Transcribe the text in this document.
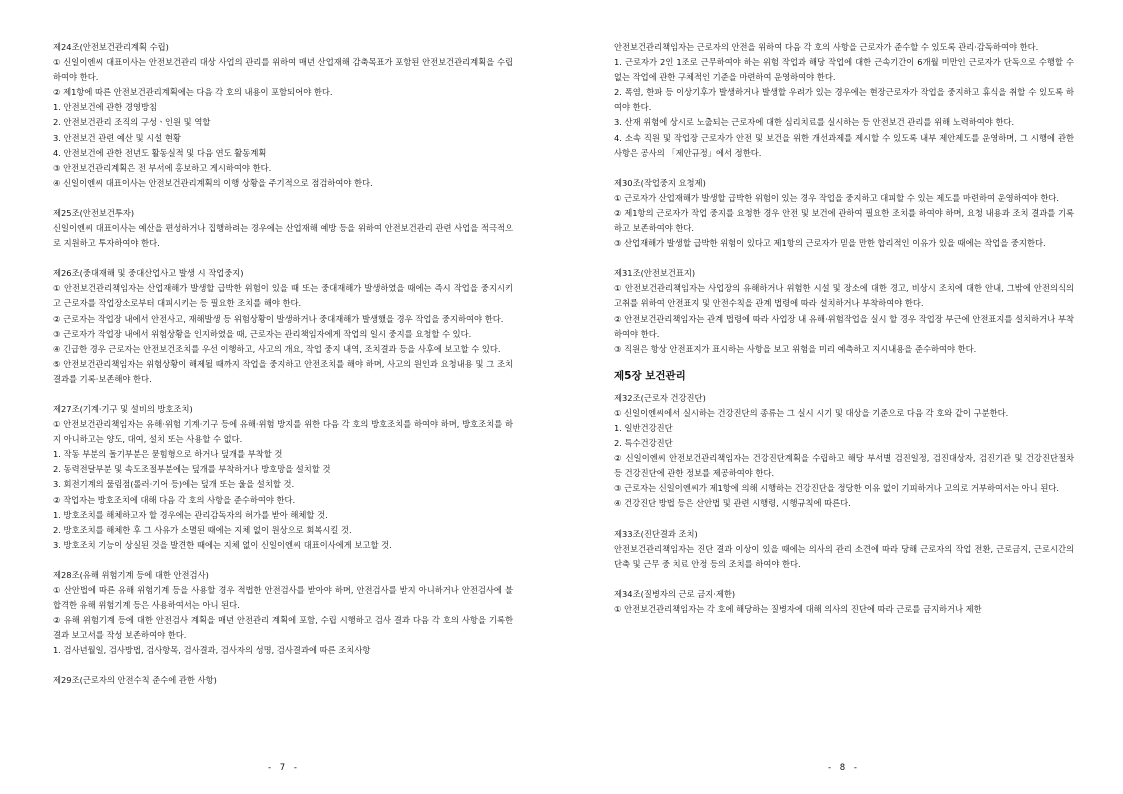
제24조(안전보건관리계획 수립)

① 신일이엔씨 대표이사는 안전보건관리 대상 사업의 관리를 위하여 매년 산업재해 감축목표가 포함된 안전보건관리계획을 수립하여야 한다.

② 제1항에 따른 안전보건관리계획에는 다음 각 호의 내용이 포함되어야 한다.

1. 안전보건에 관한 경영방침

2. 안전보건관리 조직의 구성ㆍ인원 및 역할

3. 안전보건 관련 예산 및 시설 현황

4. 안전보건에 관한 전년도 활동실적 및 다음 연도 활동계획

③ 안전보건관리계획은 전 부서에 홍보하고 게시하여야 한다.

④ 신일이엔씨 대표이사는 안전보건관리계획의 이행 상황을 주기적으로 점검하여야 한다.

제25조(안전보건투자)

신일이엔씨 대표이사는 예산을 편성하거나 집행하려는 경우에는 산업재해 예방 등을 위하여 안전보건관리 관련 사업을 적극적으로 지원하고 투자하여야 한다.

제26조(중대재해 및 중대산업사고 발생 시 작업중지)

① 안전보건관리책임자는 산업재해가 발생할 급박한 위험이 있을 때 또는 중대재해가 발생하였을 때에는 즉시 작업을 중지시키고 근로자를 작업장소로부터 대피시키는 등 필요한 조치를 해야 한다.

② 근로자는 작업장 내에서 안전사고, 재해발생 등 위험상황이 발생하거나 중대재해가 발생했을 경우 작업을 중지하여야 한다.

③ 근로자가 작업장 내에서 위험상황을 인지하였을 때, 근로자는 관리책임자에게 작업의 일시 중지를 요청할 수 있다.

④ 긴급한 경우 근로자는 안전보건조치를 우선 이행하고, 사고의 개요, 작업 중지 내역, 조치결과 등을 사후에 보고할 수 있다.

⑤ 안전보건관리책임자는 위험상황이 해제될 때까지 작업을 중지하고 안전조치를 해야 하며, 사고의 원인과 요청내용 및 그 조치결과를 기록·보존해야 한다.

제27조(기계·기구 및 설비의 방호조치)

① 안전보건관리책임자는 유해·위험 기계·기구 등에 유해·위험 방지를 위한 다음 각 호의 방호조치를 하여야 하며, 방호조치를 하지 아니하고는 양도, 대여, 설치 또는 사용할 수 없다.

1. 작동 부분의 돌기부분은 묻힘형으로 하거나 덮개를 부착할 것

2. 동력전달부분 및 속도조절부분에는 덮개를 부착하거나 방호망을 설치할 것

3. 회전기계의 물림점(롤러·기어 등)에는 덮개 또는 울을 설치할 것.

② 작업자는 방호조치에 대해 다음 각 호의 사항을 준수하여야 한다.

1. 방호조치를 해체하고자 할 경우에는 관리감독자의 허가를 받아 해체할 것.

2. 방호조치를 해체한 후 그 사유가 소멸된 때에는 지체 없이 원상으로 회복시킬 것.

3. 방호조치 기능이 상실된 것을 발견한 때에는 지체 없이 신일이엔씨 대표이사에게 보고할 것.

제28조(유해 위험기계 등에 대한 안전검사)

① 산안법에 따른 유해 위험기계 등을 사용할 경우 적법한 안전검사를 받아야 하며, 안전검사를 받지 아니하거나 안전검사에 불합격한 유해 위험기계 등은 사용하여서는 아니 된다.

② 유해 위험기계 등에 대한 안전검사 계획을 매년 안전관리 계획에 포함, 수립 시행하고 검사 결과 다음 각 호의 사항을 기록한 결과 보고서를 작성 보존하여야 한다.

1. 검사년월일, 검사방법, 검사항목, 검사결과, 검사자의 성명, 검사결과에 따른 조치사항

제29조(근로자의 안전수칙 준수에 관한 사항)

안전보건관리책임자는 근로자의 안전을 위하여 다음 각 호의 사항을 근로자가 준수할 수 있도록 관리·감독하여야 한다.

1. 근로자가 2인 1조로 근무하여야 하는 위험 작업과 해당 작업에 대한 근속기간이 6개월 미만인 근로자가 단독으로 수행할 수 없는 작업에 관한 구체적인 기준을 마련하여 운영하여야 한다.

2. 폭염, 한파 등 이상기후가 발생하거나 발생할 우려가 있는 경우에는 현장근로자가 작업을 중지하고 휴식을 취할 수 있도록 하여야 한다.

3. 산재 위험에 상시로 노출되는 근로자에 대한 심리치료를 실시하는 등 안전보건 관리를 위해 노력하여야 한다.

4. 소속 직원 및 작업장 근로자가 안전 및 보건을 위한 개선과제를 제시할 수 있도록 내부 제안제도를 운영하며, 그 시행에 관한 사항은 공사의 「제안규정」에서 정한다.

제30조(작업중지 요청제)

① 근로자가 산업재해가 발생할 급박한 위험이 있는 경우 작업을 중지하고 대피할 수 있는 제도를 마련하여 운영하여야 한다.

② 제1항의 근로자가 작업 중지를 요청한 경우 안전 및 보건에 관하여 필요한 조치를 하여야 하며, 요청 내용과 조치 결과를 기록하고 보존하여야 한다.

③ 산업재해가 발생할 급박한 위험이 있다고 제1항의 근로자가 믿을 만한 합리적인 이유가 있을 때에는 작업을 중지한다.

제31조(안전보건표지)

① 안전보건관리책임자는 사업장의 유해하거나 위험한 시설 및 장소에 대한 경고, 비상시 조치에 대한 안내, 그밖에 안전의식의 고취를 위하여 안전표지 및 안전수칙을 관계 법령에 따라 설치하거나 부착하여야 한다.

② 안전보건관리책임자는 관계 법령에 따라 사업장 내 유해·위험작업을 실시 할 경우 작업장 부근에 안전표지를 설치하거나 부착하여야 한다.

③ 직원은 항상 안전표지가 표시하는 사항을 보고 위험을 미리 예측하고 지시내용을 준수하여야 한다.

제5장 보건관리

제32조(근로자 건강진단)

① 신일이엔씨에서 실시하는 건강진단의 종류는 그 실시 시기 및 대상을 기준으로 다음 각 호와 같이 구분한다.

1. 일반건강진단

2. 특수건강진단

② 신일이엔씨 안전보건관리책임자는 건강진단계획을 수립하고 해당 부서별 검진일정, 검진대상자, 검진기관 및 건강진단절차 등 건강진단에 관한 정보를 제공하여야 한다.

③ 근로자는 신일이엔씨가 제1항에 의해 시행하는 건강진단을 정당한 이유 없이 기피하거나 고의로 거부하여서는 아니 된다.

④ 건강진단 방법 등은 산안법 및 관련 시행령, 시행규칙에 따른다.

제33조(진단결과 조치)

안전보건관리책임자는 진단 결과 이상이 있을 때에는 의사의 관리 소견에 따라 당해 근로자의 작업 전환, 근로금지, 근로시간의 단축 및 근무 중 치료 안정 등의 조치를 하여야 한다.

제34조(질병자의 근로 금지·제한)

① 안전보건관리책임자는 각 호에 해당하는 질병자에 대해 의사의 진단에 따라 근로를 금지하거나 제한

- 7 -	- 8 -
